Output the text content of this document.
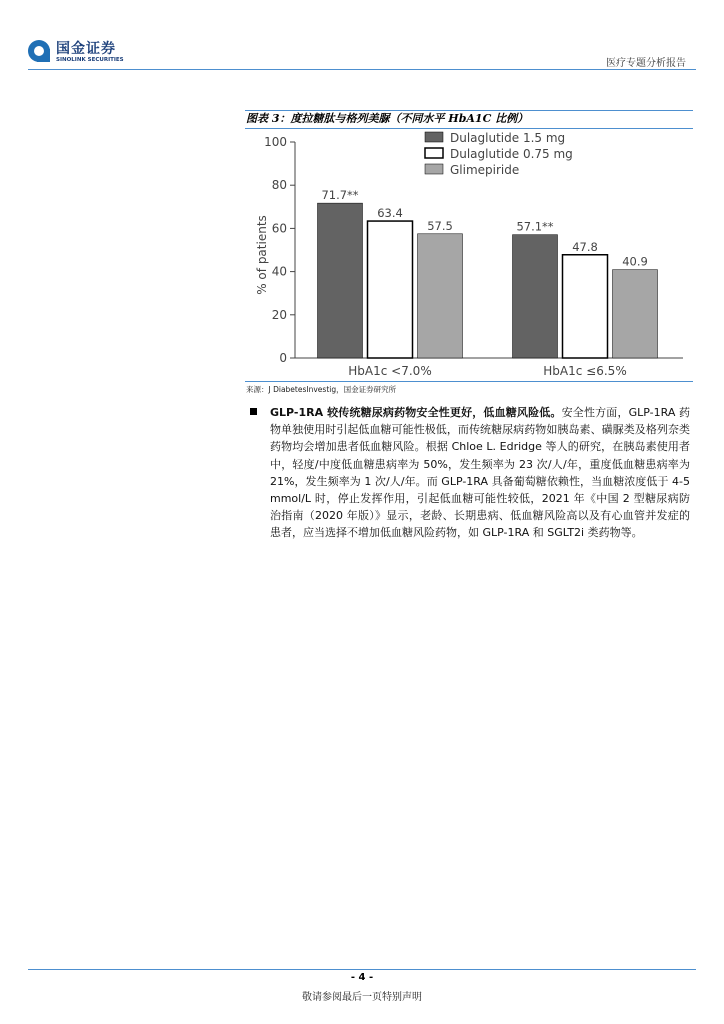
国金证券
SINOLINK SECURITIES	医疗专题分析报告
图表 3：度拉糖肽与格列美脲（不同水平 HbA1C 比例）
% of patients
0
20
40
60
80
100
71.7**
63.4
57.5
HbA1c <7.0%
57.1**
47.8
40.9
HbA1c ≤6.5%
Dulaglutide 1.5 mg
Dulaglutide 0.75 mg
Glimepiride
来源：J DiabetesInvestig，国金证券研究所
GLP-1RA 较传统糖尿病药物安全性更好，低血糖风险低。安全性方面，GLP-1RA 药物单独使用时引起低血糖可能性极低，而传统糖尿病药物如胰岛素、磺脲类及格列奈类药物均会增加患者低血糖风险。根据 Chloe L. Edridge 等人的研究，在胰岛素使用者中，轻度/中度低血糖患病率为 50%，发生频率为 23 次/人/年，重度低血糖患病率为 21%，发生频率为 1 次/人/年。而 GLP-1RA 具备葡萄糖依赖性，当血糖浓度低于 4-5 mmol/L 时，停止发挥作用，引起低血糖可能性较低，2021 年《中国 2 型糖尿病防治指南（2020 年版）》显示，老龄、长期患病、低血糖风险高以及有心血管并发症的患者，应当选择不增加低血糖风险药物，如 GLP-1RA 和 SGLT2i 类药物等。
- 4 -
敬请参阅最后一页特别声明
